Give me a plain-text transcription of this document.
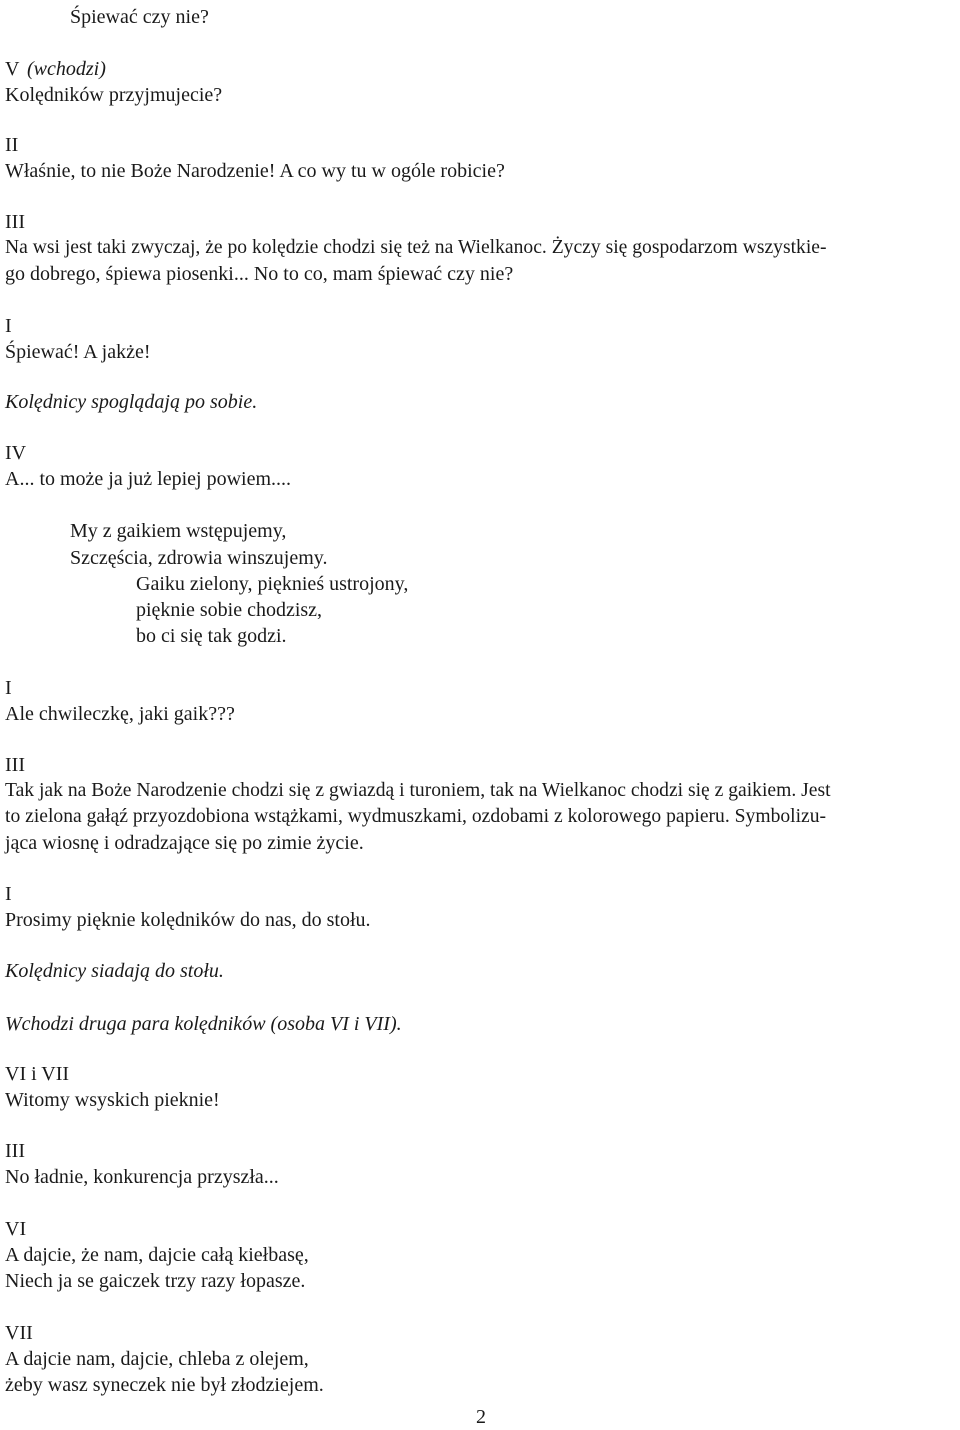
Śpiewać czy nie?
V (wchodzi)
Kolędników przyjmujecie?
II
Właśnie, to nie Boże Narodzenie! A co wy tu w ogóle robicie?
III
Na wsi jest taki zwyczaj, że po kolędzie chodzi się też na Wielkanoc. Życzy się gospodarzom wszystkie-
go dobrego, śpiewa piosenki... No to co, mam śpiewać czy nie?
I
Śpiewać! A jakże!
Kolędnicy spoglądają po sobie.
IV
A... to może ja już lepiej powiem....
My z gaikiem wstępujemy,
Szczęścia, zdrowia winszujemy.
Gaiku zielony, pięknieś ustrojony,
pięknie sobie chodzisz,
bo ci się tak godzi.
I
Ale chwileczkę, jaki gaik???
III
Tak jak na Boże Narodzenie chodzi się z gwiazdą i turoniem, tak na Wielkanoc chodzi się z gaikiem. Jest
to zielona gałąź przyozdobiona wstążkami, wydmuszkami, ozdobami z kolorowego papieru. Symbolizu-
jąca wiosnę i odradzające się po zimie życie.
I
Prosimy pięknie kolędników do nas, do stołu.
Kolędnicy siadają do stołu.
Wchodzi druga para kolędników (osoba VI i VII).
VI i VII
Witomy wsyskich pieknie!
III
No ładnie, konkurencja przyszła...
VI
A dajcie, że nam, dajcie całą kiełbasę,
Niech ja se gaiczek trzy razy łopasze.
VII
A dajcie nam, dajcie, chleba z olejem,
żeby wasz syneczek nie był złodziejem.
2
